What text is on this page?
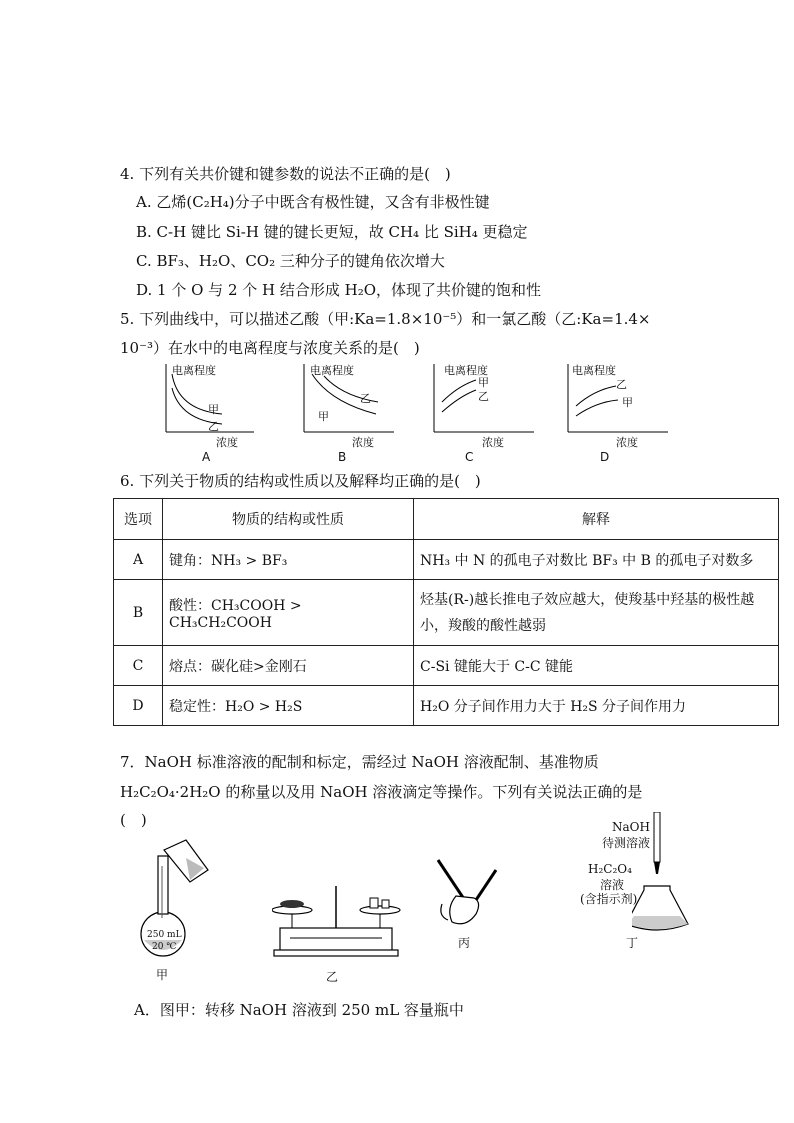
4. 下列有关共价键和键参数的说法不正确的是(　)
A. 乙烯(C₂H₄)分子中既含有极性键，又含有非极性键
B. C-H 键比 Si-H 键的键长更短，故 CH₄ 比 SiH₄ 更稳定
C. BF₃、H₂O、CO₂ 三种分子的键角依次增大
D. 1 个 O 与 2 个 H 结合形成 H₂O，体现了共价键的饱和性
5. 下列曲线中，可以描述乙酸（甲:Ka=1.8×10⁻⁵）和一氯乙酸（乙:Ka=1.4×
10⁻³）在水中的电离程度与浓度关系的是(　)
电离程度
甲
乙
浓度
电离程度
乙
甲
浓度
电离程度
甲
乙
浓度
电离程度
乙
甲
浓度
A	B	C	D
6. 下列关于物质的结构或性质以及解释均正确的是(　)
选项	物质的结构或性质	解释
A	键角：NH₃ > BF₃	NH₃ 中 N 的孤电子对数比 BF₃ 中 B 的孤电子对数多
B	酸性：CH₃COOH > CH₃CH₂COOH	烃基(R-)越长推电子效应越大，使羧基中羟基的极性越小，羧酸的酸性越弱
C	熔点：碳化硅>金刚石	C-Si 键能大于 C-C 键能
D	稳定性：H₂O > H₂S	H₂O 分子间作用力大于 H₂S 分子间作用力
7．NaOH 标准溶液的配制和标定，需经过 NaOH 溶液配制、基准物质
H₂C₂O₄·2H₂O 的称量以及用 NaOH 溶液滴定等操作。下列有关说法正确的是
(　)
250 mL
20 ℃
甲	乙
丙
NaOH
待测溶液
H₂C₂O₄
溶液
(含指示剂)
丁
A．图甲：转移 NaOH 溶液到 250 mL 容量瓶中
